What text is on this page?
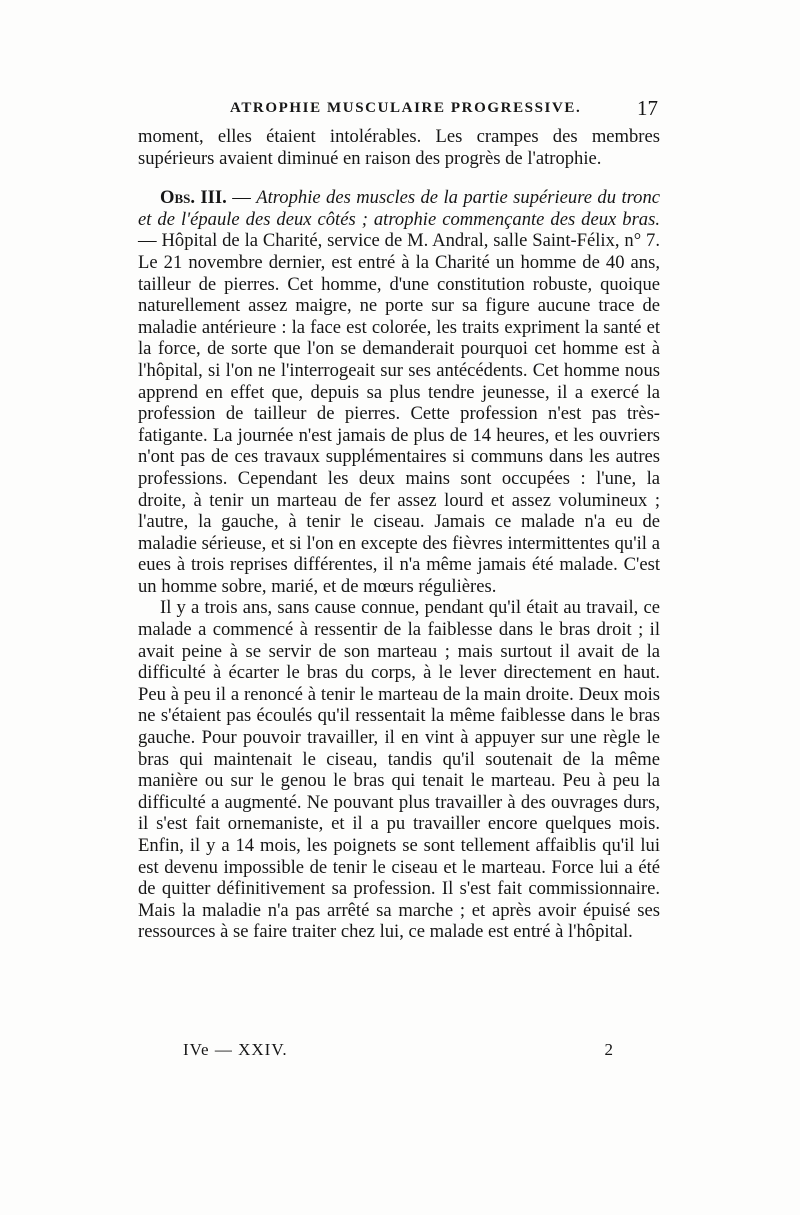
ATROPHIE MUSCULAIRE PROGRESSIVE.	17

moment, elles étaient intolérables. Les crampes des membres supérieurs avaient diminué en raison des progrès de l'atrophie.

Obs. III. — Atrophie des muscles de la partie supérieure du tronc et de l'épaule des deux côtés ; atrophie commençante des deux bras. — Hôpital de la Charité, service de M. Andral, salle Saint-Félix, n° 7. Le 21 novembre dernier, est entré à la Charité un homme de 40 ans, tailleur de pierres. Cet homme, d'une constitution robuste, quoique naturellement assez maigre, ne porte sur sa figure aucune trace de maladie antérieure : la face est colorée, les traits expriment la santé et la force, de sorte que l'on se demanderait pourquoi cet homme est à l'hôpital, si l'on ne l'interrogeait sur ses antécédents. Cet homme nous apprend en effet que, depuis sa plus tendre jeunesse, il a exercé la profession de tailleur de pierres. Cette profession n'est pas très-fatigante. La journée n'est jamais de plus de 14 heures, et les ouvriers n'ont pas de ces travaux supplémentaires si communs dans les autres professions. Cependant les deux mains sont occupées : l'une, la droite, à tenir un marteau de fer assez lourd et assez volumineux ; l'autre, la gauche, à tenir le ciseau. Jamais ce malade n'a eu de maladie sérieuse, et si l'on en excepte des fièvres intermittentes qu'il a eues à trois reprises différentes, il n'a même jamais été malade. C'est un homme sobre, marié, et de mœurs régulières.

Il y a trois ans, sans cause connue, pendant qu'il était au travail, ce malade a commencé à ressentir de la faiblesse dans le bras droit ; il avait peine à se servir de son marteau ; mais surtout il avait de la difficulté à écarter le bras du corps, à le lever directement en haut. Peu à peu il a renoncé à tenir le marteau de la main droite. Deux mois ne s'étaient pas écoulés qu'il ressentait la même faiblesse dans le bras gauche. Pour pouvoir travailler, il en vint à appuyer sur une règle le bras qui maintenait le ciseau, tandis qu'il soutenait de la même manière ou sur le genou le bras qui tenait le marteau. Peu à peu la difficulté a augmenté. Ne pouvant plus travailler à des ouvrages durs, il s'est fait ornemaniste, et il a pu travailler encore quelques mois. Enfin, il y a 14 mois, les poignets se sont tellement affaiblis qu'il lui est devenu impossible de tenir le ciseau et le marteau. Force lui a été de quitter définitivement sa profession. Il s'est fait commissionnaire. Mais la maladie n'a pas arrêté sa marche ; et après avoir épuisé ses ressources à se faire traiter chez lui, ce malade est entré à l'hôpital.

IVe — XXIV.	2
